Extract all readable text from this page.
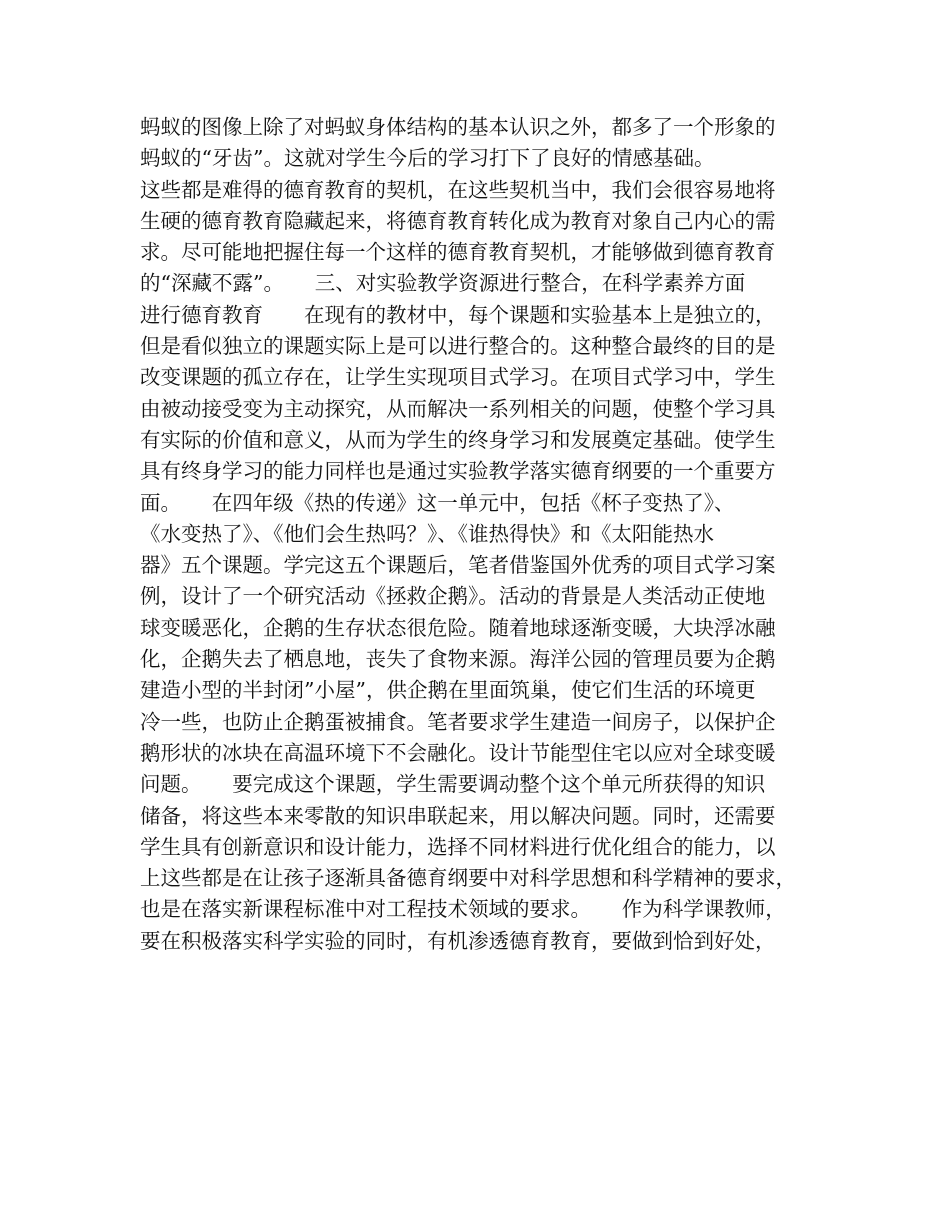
蚂蚁的图像上除了对蚂蚁身体结构的基本认识之外，都多了一个形象的
蚂蚁的“牙齿”。这就对学生今后的学习打下了良好的情感基础。
这些都是难得的德育教育的契机，在这些契机当中，我们会很容易地将
生硬的德育教育隐藏起来，将德育教育转化成为教育对象自己内心的需
求。尽可能地把握住每一个这样的德育教育契机，才能够做到德育教育
的“深藏不露”。　　三、对实验教学资源进行整合，在科学素养方面
进行德育教育　　在现有的教材中，每个课题和实验基本上是独立的，
但是看似独立的课题实际上是可以进行整合的。这种整合最终的目的是
改变课题的孤立存在，让学生实现项目式学习。在项目式学习中，学生
由被动接受变为主动探究，从而解决一系列相关的问题，使整个学习具
有实际的价值和意义，从而为学生的终身学习和发展奠定基础。使学生
具有终身学习的能力同样也是通过实验教学落实德育纲要的一个重要方
面。　　在四年级《热的传递》这一单元中，包括《杯子变热了》、
《水变热了》、《他们会生热吗？》、《谁热得快》和《太阳能热水
器》五个课题。学完这五个课题后，笔者借鉴国外优秀的项目式学习案
例，设计了一个研究活动《拯救企鹅》。活动的背景是人类活动正使地
球变暖恶化，企鹅的生存状态很危险。随着地球逐渐变暖，大块浮冰融
化，企鹅失去了栖息地，丧失了食物来源。海洋公园的管理员要为企鹅
建造小型的半封闭”小屋”，供企鹅在里面筑巢，使它们生活的环境更
冷一些，也防止企鹅蛋被捕食。笔者要求学生建造一间房子，以保护企
鹅形状的冰块在高温环境下不会融化。设计节能型住宅以应对全球变暖
问题。　　要完成这个课题，学生需要调动整个这个单元所获得的知识
储备，将这些本来零散的知识串联起来，用以解决问题。同时，还需要
学生具有创新意识和设计能力，选择不同材料进行优化组合的能力，以
上这些都是在让孩子逐渐具备德育纲要中对科学思想和科学精神的要求，
也是在落实新课程标准中对工程技术领域的要求。　　作为科学课教师，
要在积极落实科学实验的同时，有机渗透德育教育，要做到恰到好处，
